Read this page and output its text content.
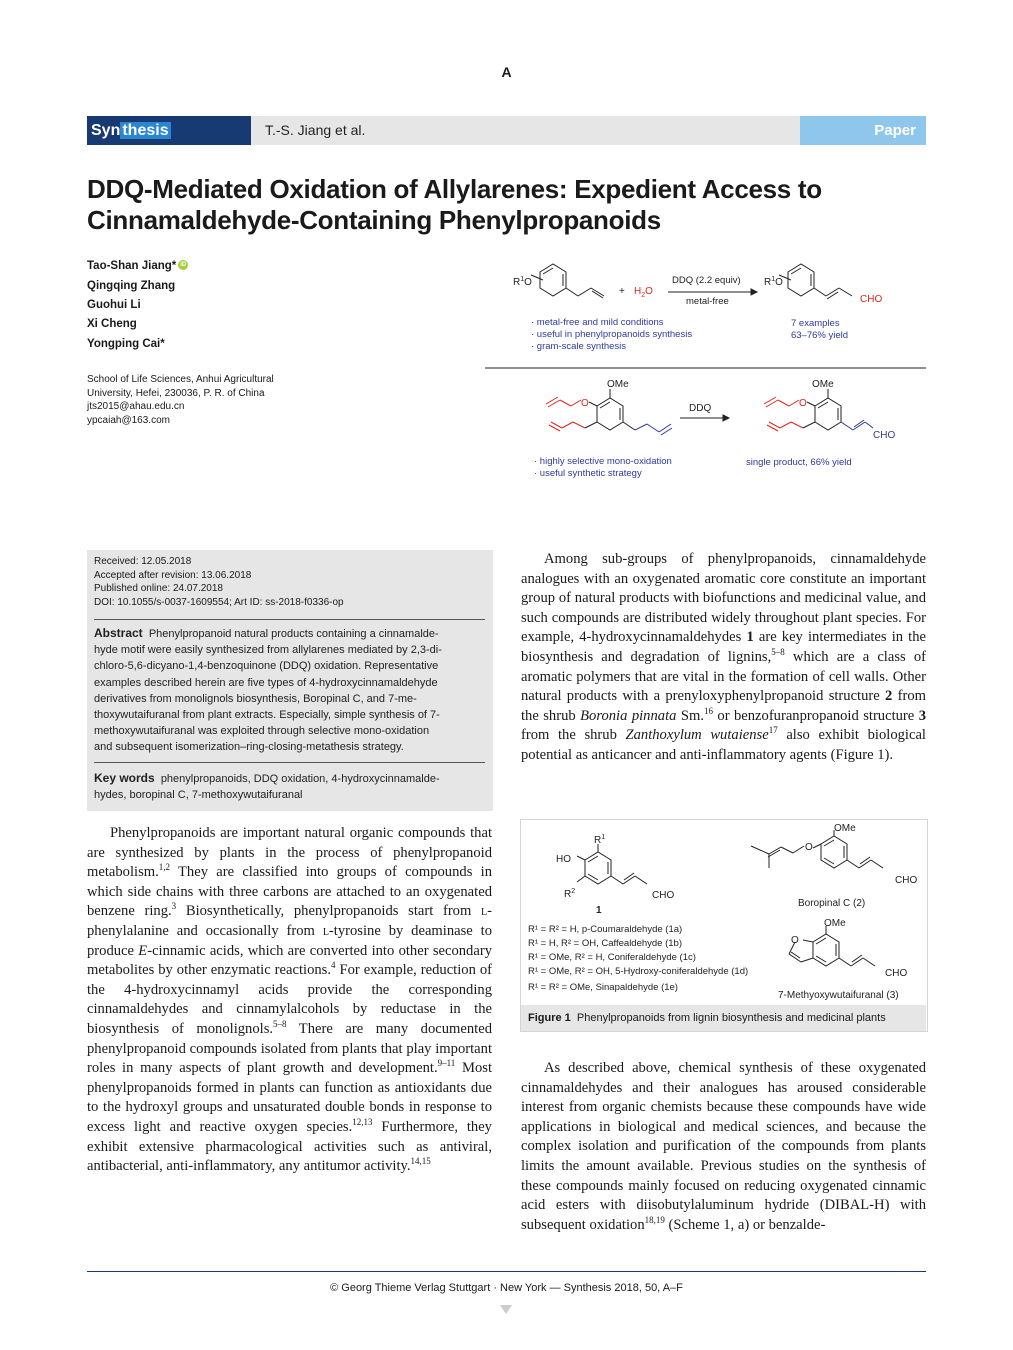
A
Syn thesis	T.-S. Jiang et al.	Paper
DDQ-Mediated Oxidation of Allylarenes: Expedient Access to Cinnamaldehyde-Containing Phenylpropanoids
Tao-Shan Jiang* iD
Qingqing Zhang
Guohui Li
Xi Cheng
Yongping Cai*
School of Life Sciences, Anhui Agricultural
University, Hefei, 230036, P. R. of China
jts2015@ahau.edu.cn
ypcaiah@163.com
$R^1O$
+ $H_2O$
DDQ (2.2 equiv)
metal-free
$R^1O$
CHO
· metal-free and mild conditions
· useful in phenylpropanoids synthesis
· gram-scale synthesis
7 examples
63–76% yield
O	O
OMe	OMe
DDQ
CHO
· highly selective mono-oxidation
· useful synthetic strategy
single product, 66% yield
Received: 12.05.2018
Accepted after revision: 13.06.2018
Published online: 24.07.2018
DOI: 10.1055/s-0037-1609554; Art ID: ss-2018-f0336-op
Abstract Phenylpropanoid natural products containing a cinnamalde-
hyde motif were easily synthesized from allylarenes mediated by 2,3-di-
chloro-5,6-dicyano-1,4-benzoquinone (DDQ) oxidation. Representative
examples described herein are five types of 4-hydroxycinnamaldehyde
derivatives from monolignols biosynthesis, Boropinal C, and 7-me-
thoxywutaifuranal from plant extracts. Especially, simple synthesis of 7-
methoxywutaifuranal was exploited through selective mono-oxidation
and subsequent isomerization–ring-closing-metathesis strategy.
Key words phenylpropanoids, DDQ oxidation, 4-hydroxycinnamalde-
hydes, boropinal C, 7-methoxywutaifuranal

Phenylpropanoids are important natural organic compounds that are synthesized by plants in the process of phenylpropanoid metabolism.$^{1,2}$ They are classified into groups of compounds in which side chains with three carbons are attached to an oxygenated benzene ring.$^3$ Biosynthetically, phenylpropanoids start from l-phenylalanine and occasionally from l-tyrosine by deaminase to produce E-cinnamic acids, which are converted into other secondary metabolites by other enzymatic reactions.$^4$ For example, reduction of the 4-hydroxycinnamyl acids provide the corresponding cinnamaldehydes and cinnamylalcohols by reductase in the biosynthesis of monolignols.$^{5-8}$ There are many documented phenylpropanoid compounds isolated from plants that play important roles in many aspects of plant growth and development.$^{9-11}$ Most phenylpropanoids formed in plants can function as antioxidants due to the hydroxyl groups and unsaturated double bonds in response to excess light and reactive oxygen species.$^{12,13}$ Furthermore, they exhibit extensive pharmacological activities such as antiviral, antibacterial, anti-inflammatory, any antitumor activity.$^{14,15}$

Among sub-groups of phenylpropanoids, cinnamaldehyde analogues with an oxygenated aromatic core constitute an important group of natural products with biofunctions and medicinal value, and such compounds are distributed widely throughout plant species. For example, 4-hydroxycinnamaldehydes 1 are key intermediates in the biosynthesis and degradation of lignins,$^{5-8}$ which are a class of aromatic polymers that are vital in the formation of cell walls. Other natural products with a prenyloxyphenylpropanoid structure 2 from the shrub Boronia pinnata Sm.$^{16}$ or benzofuranpropanoid structure 3 from the shrub Zanthoxylum wutaiense$^{17}$ also exhibit biological potential as anticancer and anti-inflammatory agents (Figure 1).

$R^1$
HO
$R^2$	CHO
1
OMe
O
CHO
Boropinal C (2)
OMe
O
CHO
7-Methyoxywutaifuranal (3)
R¹ = R² = H, p-Coumaraldehyde (1a)
R¹ = H, R² = OH, Caffealdehyde (1b)
R¹ = OMe, R² = H, Coniferaldehyde (1c)
R¹ = OMe, R² = OH, 5-Hydroxy-coniferaldehyde (1d)
R¹ = R² = OMe, Sinapaldehyde (1e)
Figure 1 Phenylpropanoids from lignin biosynthesis and medicinal plants

As described above, chemical synthesis of these oxygenated cinnamaldehydes and their analogues has aroused considerable interest from organic chemists because these compounds have wide applications in biological and medical sciences, and because the complex isolation and purification of the compounds from plants limits the amount available. Previous studies on the synthesis of these compounds mainly focused on reducing oxygenated cinnamic acid esters with diisobutylaluminum hydride (DIBAL-H) with subsequent oxidation$^{18,19}$ (Scheme 1, a) or benzalde-

© Georg Thieme Verlag Stuttgart · New York — Synthesis 2018, 50, A–F
